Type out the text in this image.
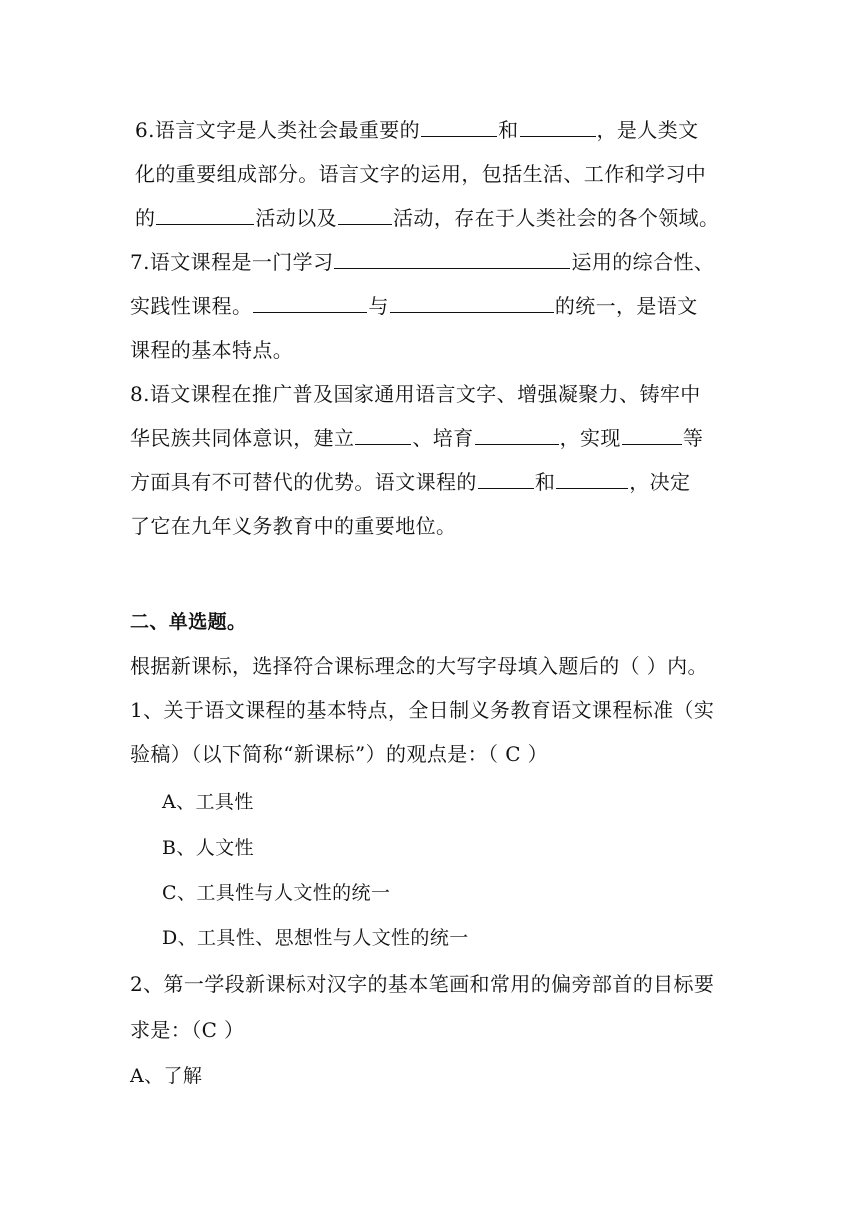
6.语言文字是人类社会最重要的	和	，是人类文
化的重要组成部分。语言文字的运用，包括生活、工作和学习中
的	活动以及	活动，存在于人类社会的各个领域。
7.语文课程是一门学习	运用的综合性、
实践性课程。	与	的统一，是语文
课程的基本特点。
8.语文课程在推广普及国家通用语言文字、增强凝聚力、铸牢中
华民族共同体意识，建立	、培育	，实现	等
方面具有不可替代的优势。语文课程的	和	，决定
了它在九年义务教育中的重要地位。
二、单选题。
根据新课标，选择符合课标理念的大写字母填入题后的（ ）内。
1、关于语文课程的基本特点，全日制义务教育语文课程标准（实
验稿）（以下简称“新课标”）的观点是：（ C ）
A、工具性
B、人文性
C、工具性与人文性的统一
D、工具性、思想性与人文性的统一
2、第一学段新课标对汉字的基本笔画和常用的偏旁部首的目标要
求是：（C ）
A、了解
